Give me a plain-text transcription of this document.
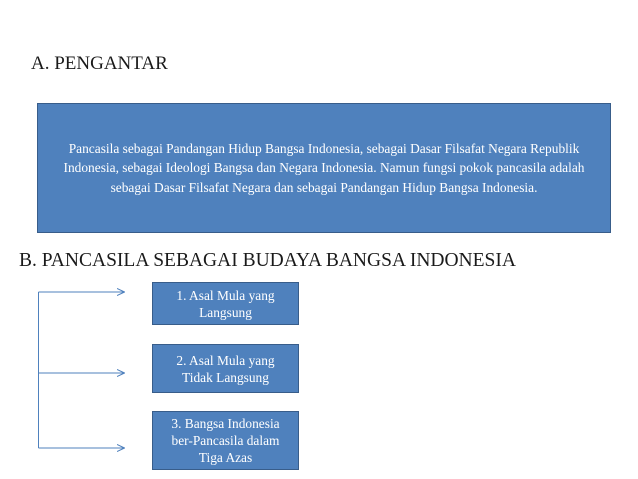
A. PENGANTAR

Pancasila sebagai Pandangan Hidup Bangsa Indonesia, sebagai Dasar Filsafat Negara Republik Indonesia, sebagai Ideologi Bangsa dan Negara Indonesia. Namun fungsi pokok pancasila adalah sebagai Dasar Filsafat Negara dan sebagai Pandangan Hidup Bangsa Indonesia.

B. PANCASILA SEBAGAI BUDAYA BANGSA INDONESIA
1. Asal Mula yang
Langsung
2. Asal Mula yang
Tidak Langsung
3. Bangsa Indonesia
ber-Pancasila dalam
Tiga Azas
